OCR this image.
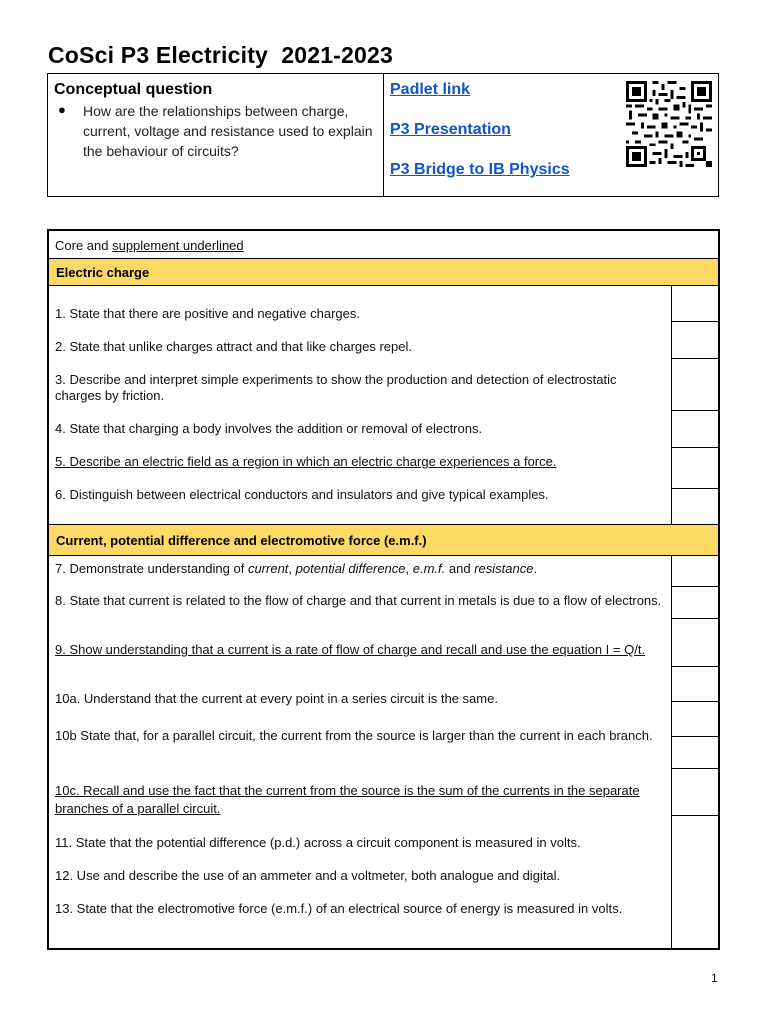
CoSci P3 Electricity  2021-2023
Conceptual question
● How are the relationships between charge, current, voltage and resistance used to explain the behaviour of circuits?
Padlet link
P3 Presentation
P3 Bridge to IB Physics
Core and supplement underlined
Electric charge
1. State that there are positive and negative charges.
2. State that unlike charges attract and that like charges repel.
3. Describe and interpret simple experiments to show the production and detection of electrostatic charges by friction.
4. State that charging a body involves the addition or removal of electrons.
5. Describe an electric field as a region in which an electric charge experiences a force.
6. Distinguish between electrical conductors and insulators and give typical examples.
Current, potential difference and electromotive force (e.m.f.)
7. Demonstrate understanding of current, potential difference, e.m.f. and resistance.
8. State that current is related to the flow of charge and that current in metals is due to a flow of electrons.
9. Show understanding that a current is a rate of flow of charge and recall and use the equation I = Q/t.
10a. Understand that the current at every point in a series circuit is the same.
10b State that, for a parallel circuit, the current from the source is larger than the current in each branch.
10c. Recall and use the fact that the current from the source is the sum of the currents in the separate branches of a parallel circuit.
11. State that the potential difference (p.d.) across a circuit component is measured in volts.
12. Use and describe the use of an ammeter and a voltmeter, both analogue and digital.
13. State that the electromotive force (e.m.f.) of an electrical source of energy is measured in volts.
1
